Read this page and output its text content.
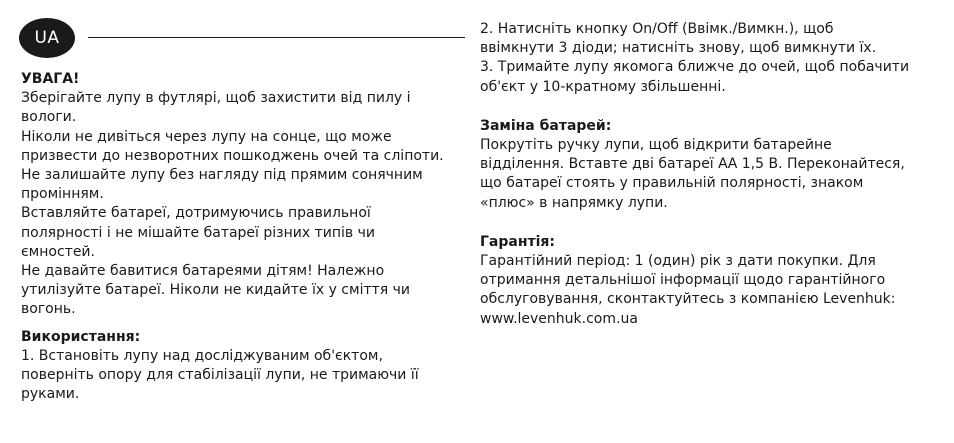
UA

УВАГА!

Зберігайте лупу в футлярі, щоб захистити від пилу і

вологи.

Ніколи не дивіться через лупу на сонце, що може

призвести до незворотних пошкоджень очей та сліпоти.

Не залишайте лупу без нагляду під прямим сонячним

промінням.

Вставляйте батареї, дотримуючись правильної

полярності і не мішайте батареї різних типів чи

ємностей.

Не давайте бавитися батареями дітям! Належно

утилізуйте батареї. Ніколи не кидайте їх у сміття чи

вогонь.

Використання:

1. Встановіть лупу над досліджуваним об'єктом,

поверніть опору для стабілізації лупи, не тримаючи її

руками.

2. Натисніть кнопку On/Off (Ввімк./Вимкн.), щоб

ввімкнути 3 діоди; натисніть знову, щоб вимкнути їх.

3. Тримайте лупу якомога ближче до очей, щоб побачити

об'єкт у 10-кратному збільшенні.

Заміна батарей:

Покрутіть ручку лупи, щоб відкрити батарейне

відділення. Вставте дві батареї АА 1,5 В. Переконайтеся,

що батареї стоять у правильній полярності, знаком

«плюс» в напрямку лупи.

Гарантія:

Гарантійний період: 1 (один) рік з дати покупки. Для

отримання детальнішої інформації щодо гарантійного

обслуговування, сконтактуйтесь з компанією Levenhuk:

www.levenhuk.com.ua
